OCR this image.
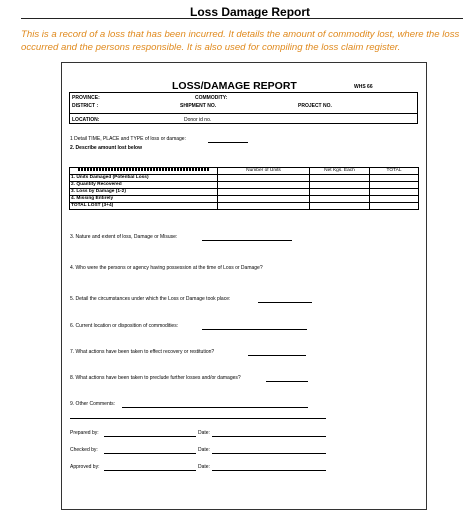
Loss Damage Report
This is a record of a loss that has been incurred. It details the amount of commodity lost, where the loss occurred and the persons responsible. It is also used for compiling the loss claim register.
LOSS/DAMAGE REPORT	WHS 66
PROVINCE:	COMMODITY:
DISTRICT :	SHIPMENT NO.	PROJECT NO.
LOCATION:	Donor id no.
1 Detail TIME, PLACE and TYPE of loss or damage:
2. Describe amount lost below
	Number of Units	Net Kgs. Each	TOTAL
1. Units Damaged (Potential Loss)			
2. Quantity Recovered			
3. Loss by Damage (1-2)			
4. Missing Entirely			
TOTAL LOST (3+4)			
3. Nature and extent of loss, Damage or Misuse:
4. Who were the persons or agency having possession at the time of Loss or Damage?
5. Detail the circumstances under which the Loss or Damage took place:
6. Current location or disposition of commodities:
7. What actions have been taken to effect recovery or restitution?
8. What actions have been taken to preclude further losses and/or damages?
9. Other Comments:
Prepared by:	Date:
Checked by:	Date:
Approved by:	Date:
